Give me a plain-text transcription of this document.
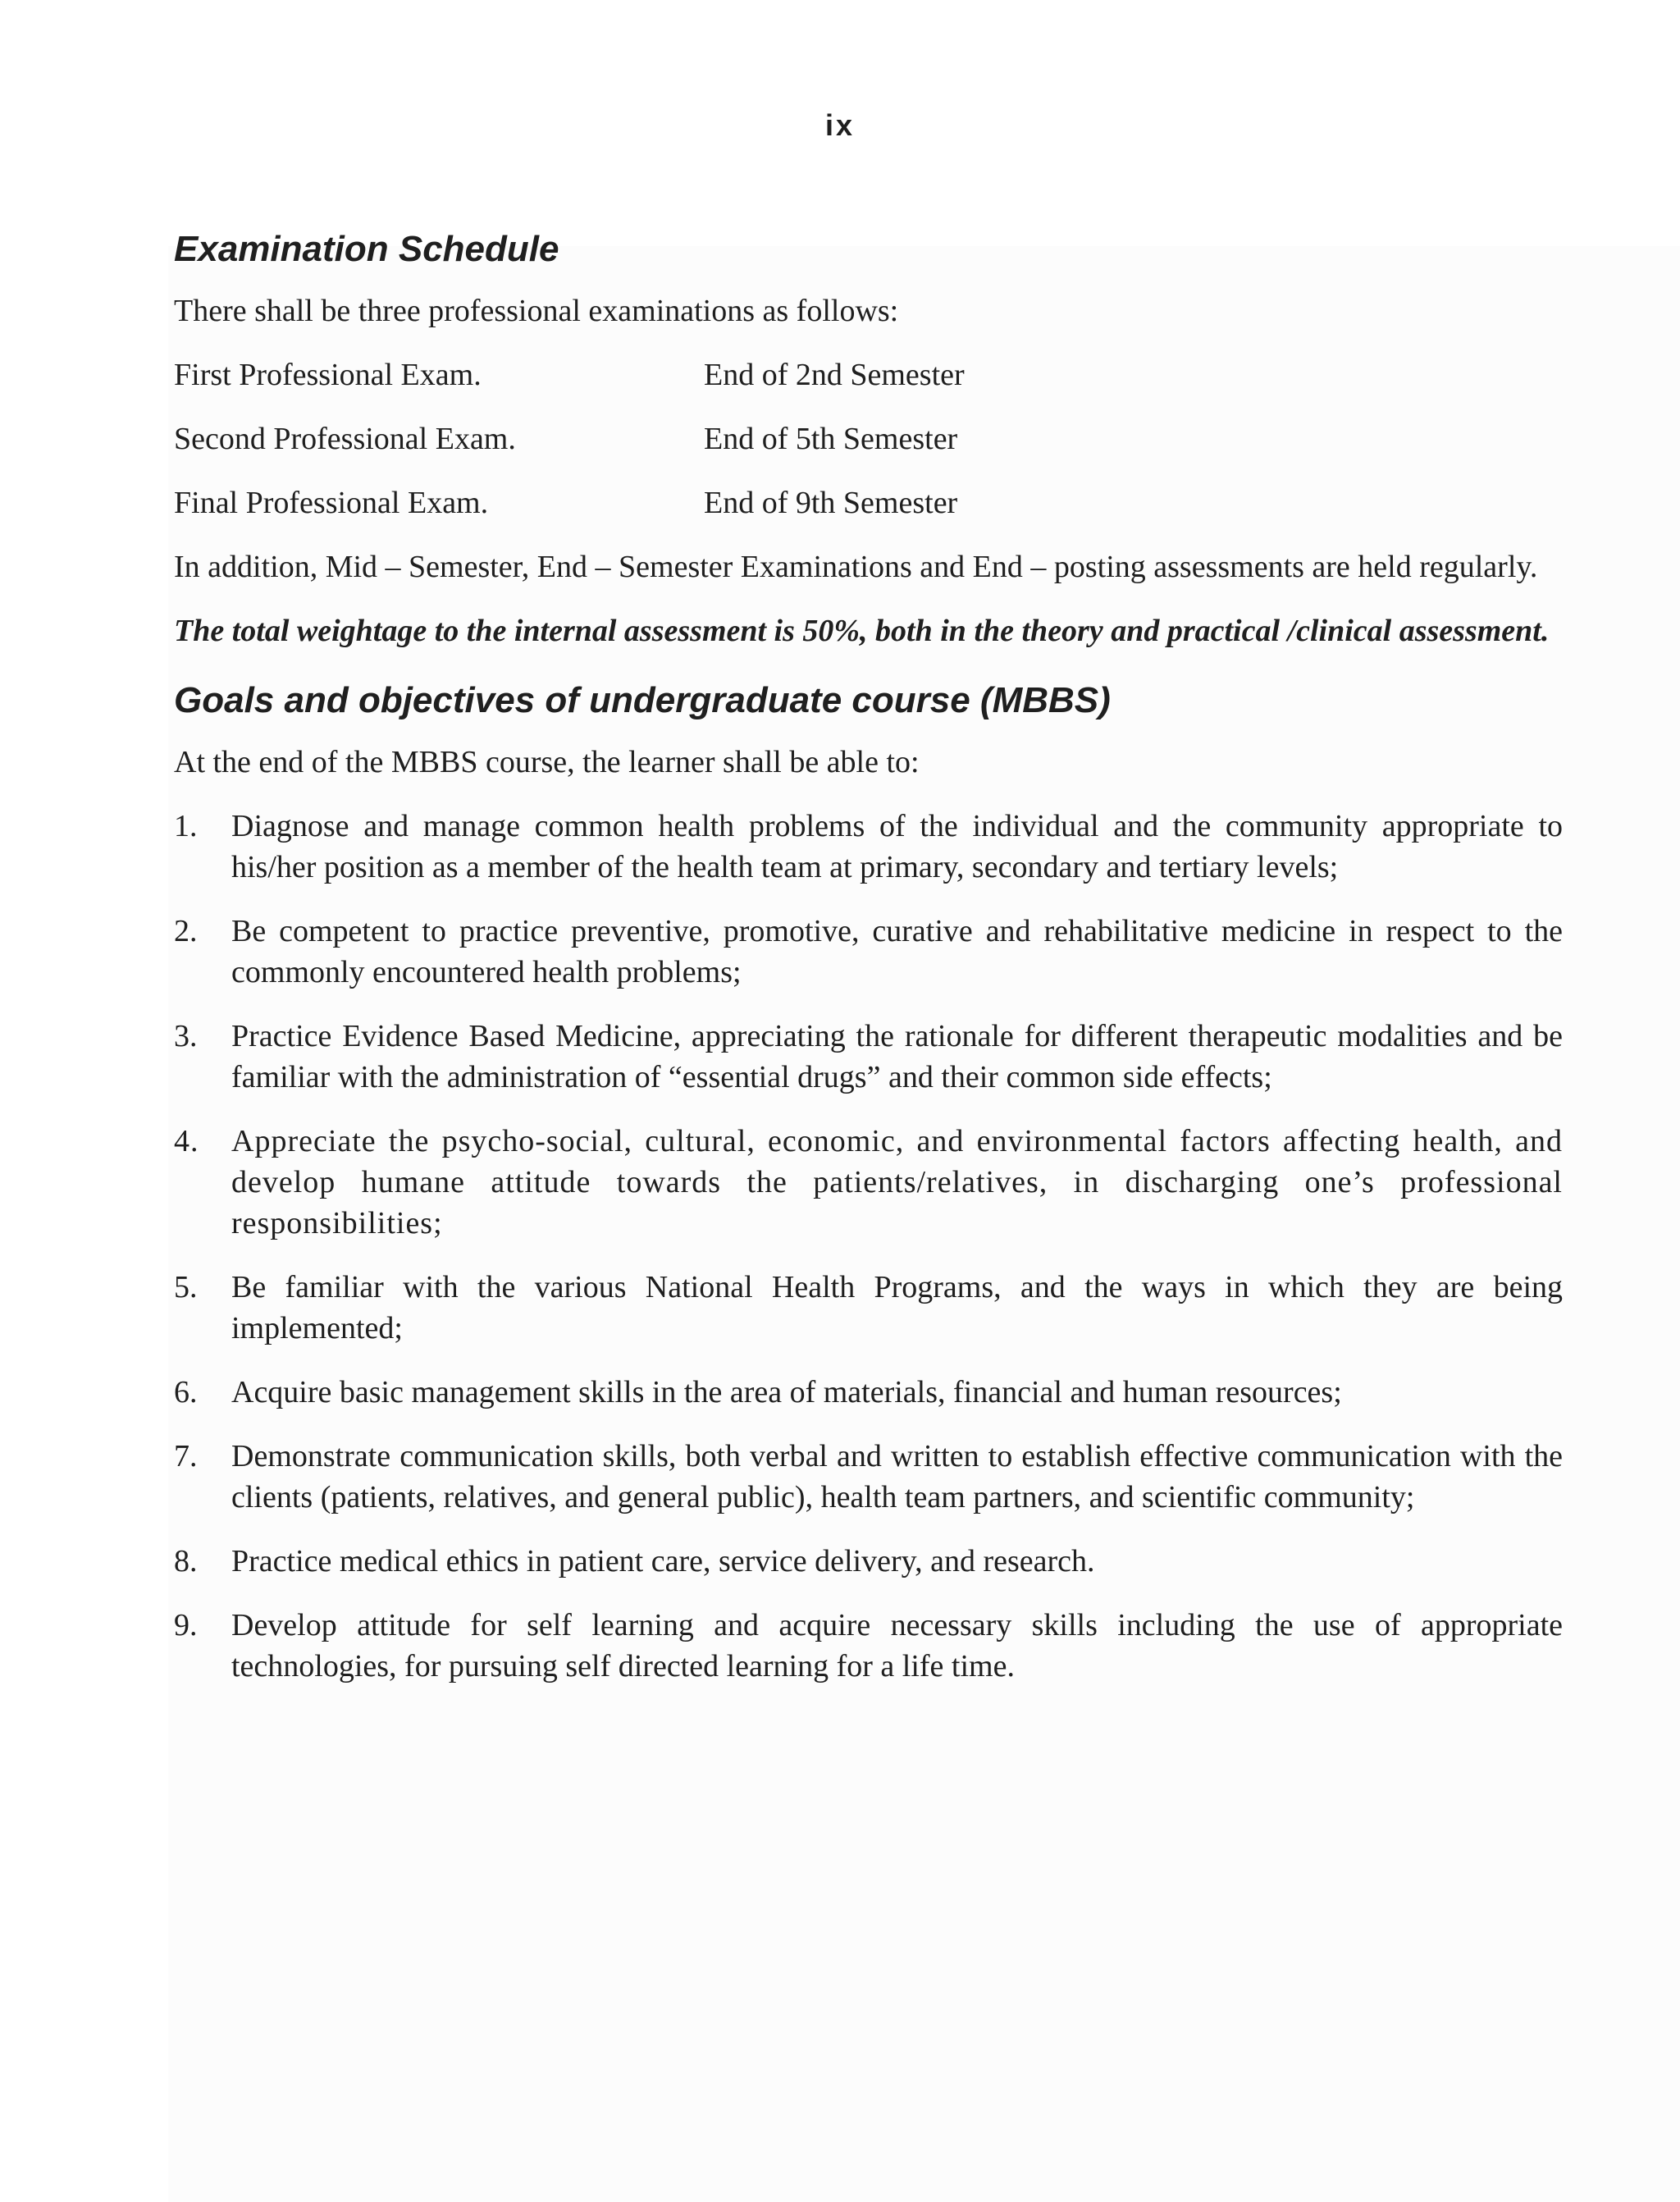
ix
Examination Schedule

There shall be three professional examinations as follows:

First Professional Exam.	End of 2nd Semester
Second Professional Exam.	End of 5th Semester
Final Professional Exam.	End of 9th Semester

In addition, Mid – Semester, End – Semester Examinations and End – posting assessments are held regularly.

The total weightage to the internal assessment is 50%, both in the theory and practical /clinical assessment.

Goals and objectives of undergraduate course (MBBS)

At the end of the MBBS course, the learner shall be able to:

1. Diagnose and manage common health problems of the individual and the community appropriate to his/her position as a member of the health team at primary, secondary and tertiary levels;
2. Be competent to practice preventive, promotive, curative and rehabilitative medicine in respect to the commonly encountered health problems;
3. Practice Evidence Based Medicine, appreciating the rationale for different therapeutic modalities and be familiar with the administration of “essential drugs” and their common side effects;
4. Appreciate the psycho-social, cultural, economic, and environmental factors affecting health, and develop humane attitude towards the patients/relatives, in discharging one’s professional responsibilities;
5. Be familiar with the various National Health Programs, and the ways in which they are being implemented;
6. Acquire basic management skills in the area of materials, financial and human resources;
7. Demonstrate communication skills, both verbal and written to establish effective communication with the clients (patients, relatives, and general public), health team partners, and scientific community;
8. Practice medical ethics in patient care, service delivery, and research.
9. Develop attitude for self learning and acquire necessary skills including the use of appropriate technologies, for pursuing self directed learning for a life time.
